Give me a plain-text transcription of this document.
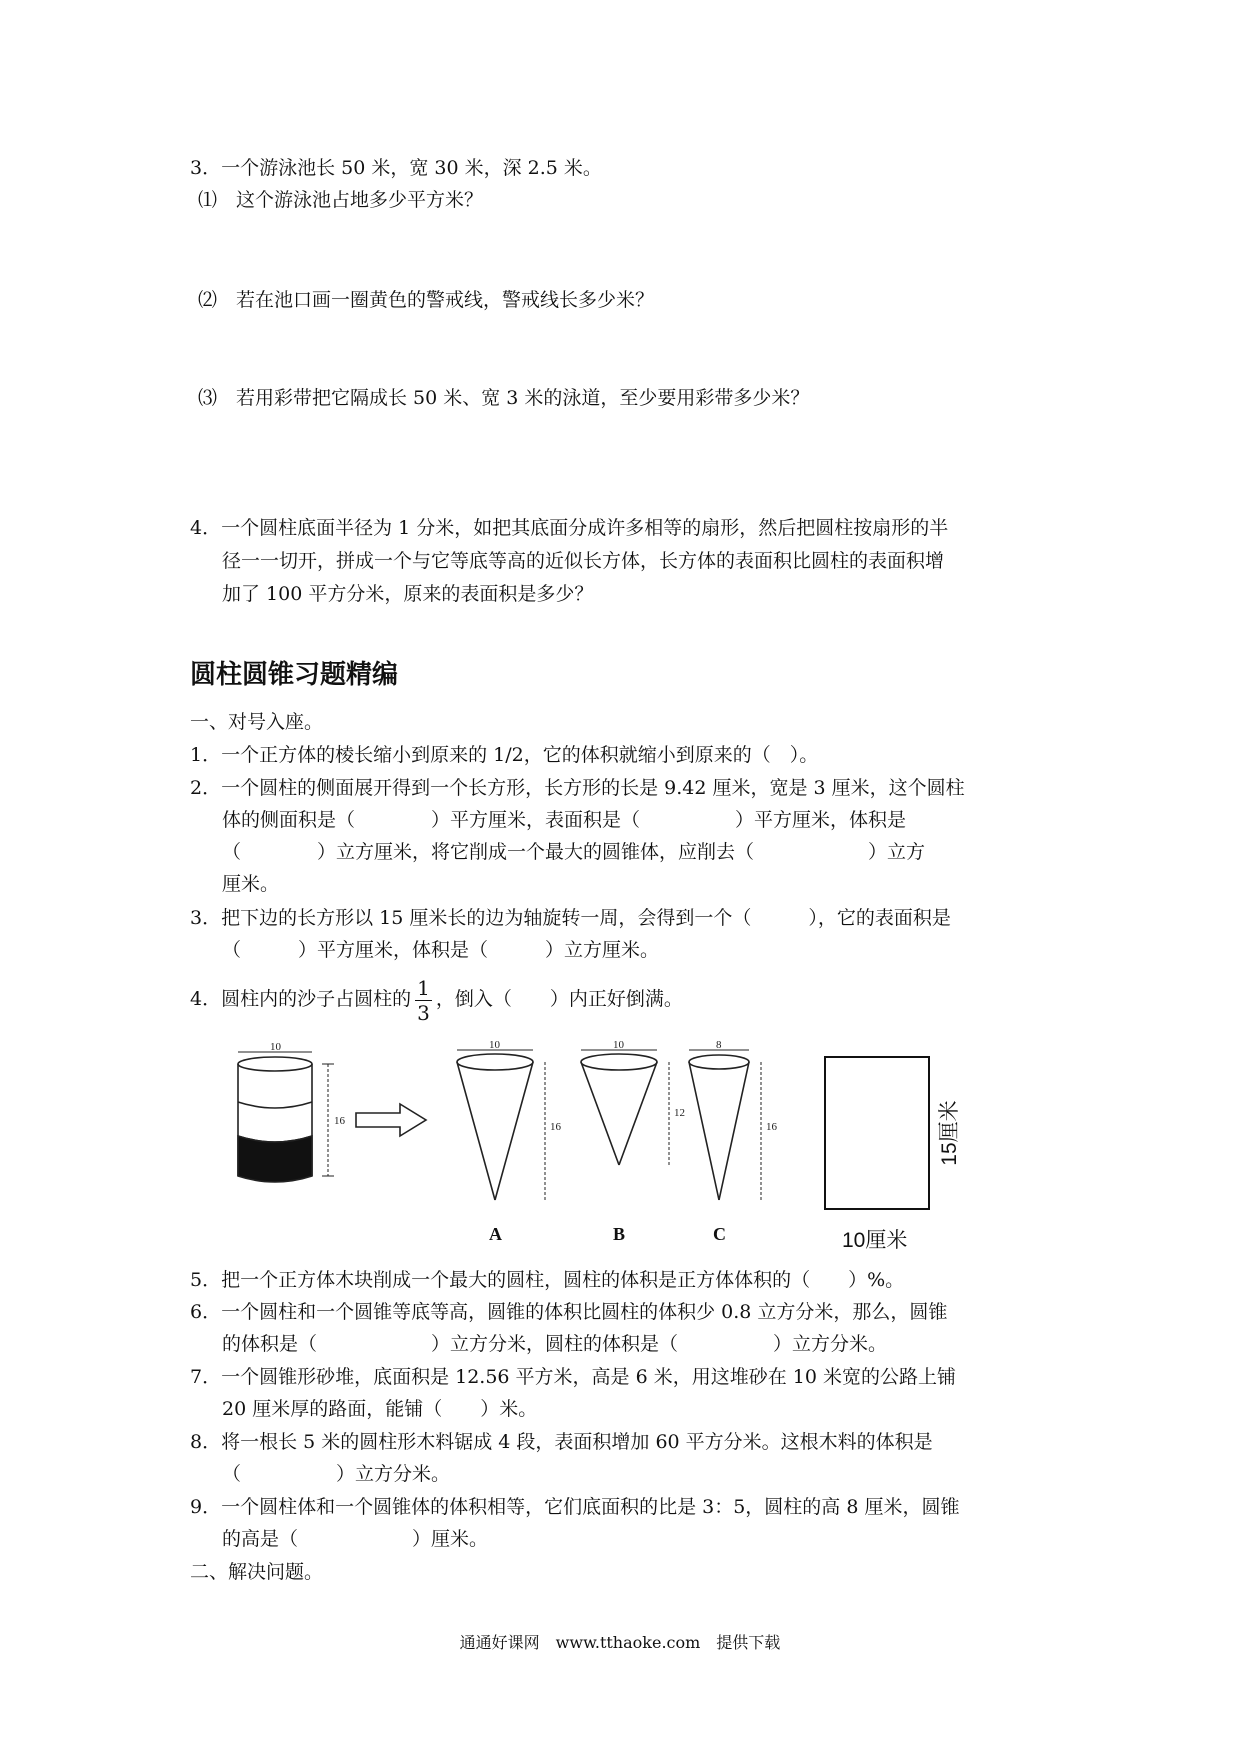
3．一个游泳池长 50 米，宽 30 米，深 2.5 米。
⑴　这个游泳池占地多少平方米？
⑵　若在池口画一圈黄色的警戒线，警戒线长多少米？
⑶　若用彩带把它隔成长 50 米、宽 3 米的泳道，至少要用彩带多少米？
4．一个圆柱底面半径为 1 分米，如把其底面分成许多相等的扇形，然后把圆柱按扇形的半
径一一切开，拼成一个与它等底等高的近似长方体，长方体的表面积比圆柱的表面积增
加了 100 平方分米，原来的表面积是多少？
圆柱圆锥习题精编
一、对号入座。
1．一个正方体的棱长缩小到原来的 1/2，它的体积就缩小到原来的（　）。
2．一个圆柱的侧面展开得到一个长方形，长方形的长是 9.42 厘米，宽是 3 厘米，这个圆柱
体的侧面积是（　　　　）平方厘米，表面积是（　　　　　）平方厘米，体积是
（　　　　）立方厘米，将它削成一个最大的圆锥体，应削去（　　　　　　）立方
厘米。
3．把下边的长方形以 15 厘米长的边为轴旋转一周，会得到一个（　　　），它的表面积是
（　　　）平方厘米，体积是（　　　）立方厘米。
4．圆柱内的沙子占圆柱的 $\frac{1}{3}$ ，倒入（　　）内正好倒满。
10
16
10
16
10
12
8
16
A	B	C
15厘米
10厘米
5．把一个正方体木块削成一个最大的圆柱，圆柱的体积是正方体体积的（　　）%。
6．一个圆柱和一个圆锥等底等高，圆锥的体积比圆柱的体积少 0.8 立方分米，那么，圆锥
的体积是（　　　　　　）立方分米，圆柱的体积是（　　　　　）立方分米。
7．一个圆锥形砂堆，底面积是 12.56 平方米，高是 6 米，用这堆砂在 10 米宽的公路上铺
20 厘米厚的路面，能铺（　　）米。
8．将一根长 5 米的圆柱形木料锯成 4 段，表面积增加 60 平方分米。这根木料的体积是
（　　　　　）立方分米。
9．一个圆柱体和一个圆锥体的体积相等，它们底面积的比是 3：5，圆柱的高 8 厘米，圆锥
的高是（　　　　　　）厘米。
二、解决问题。
通通好课网　www.tthaoke.com　提供下载
